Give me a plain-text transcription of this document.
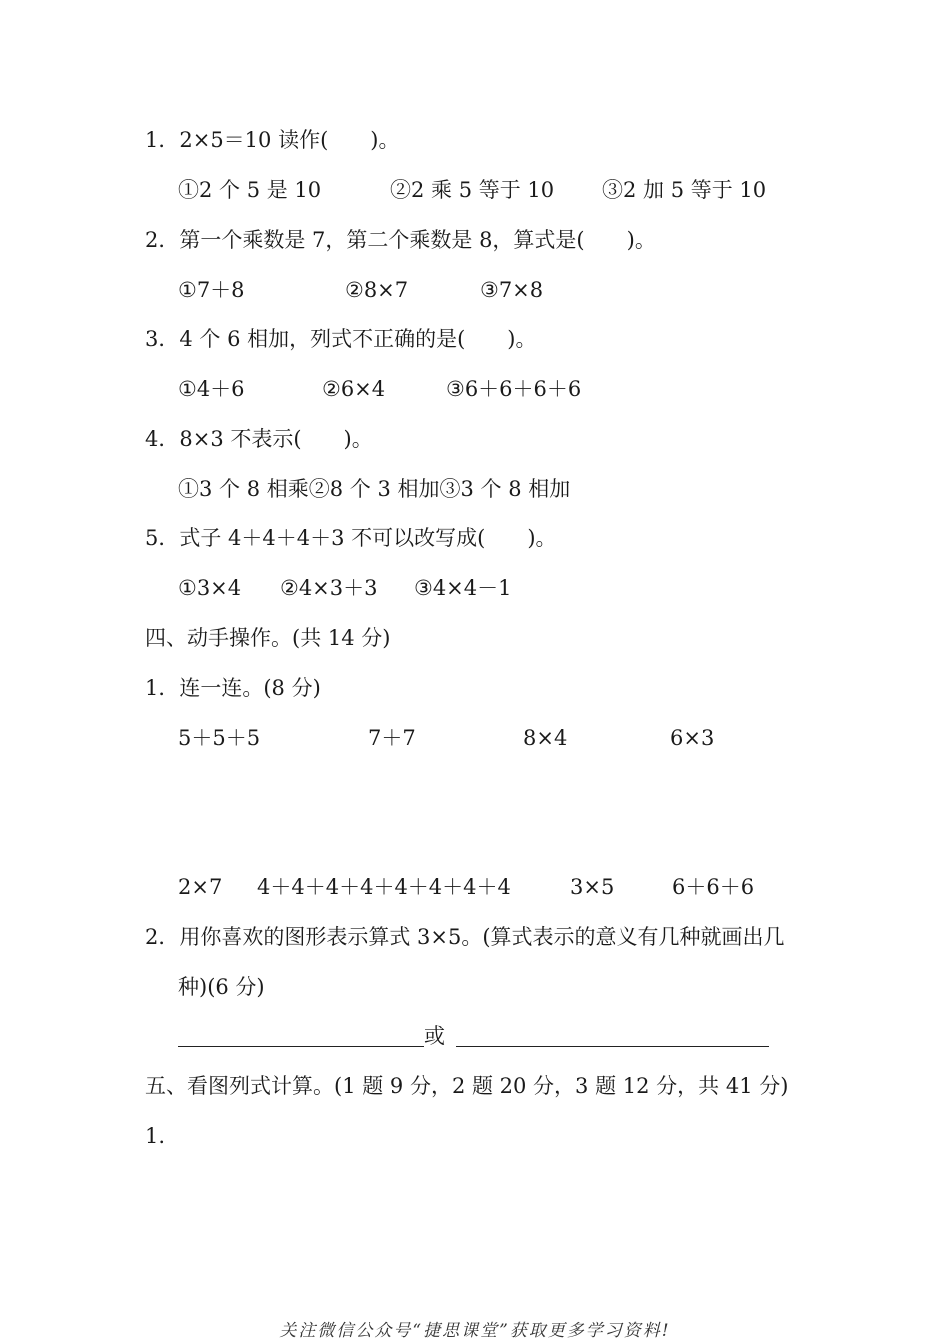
1．2×5＝10 读作(　　)。
①2 个 5 是 10	②2 乘 5 等于 10 ③2 加 5 等于 10
2．第一个乘数是 7，第二个乘数是 8，算式是(　　)。
①7＋8	②8×7	③7×8
3．4 个 6 相加，列式不正确的是(　　)。
①4＋6	②6×4	③6＋6＋6＋6
4．8×3 不表示(　　)。
①3 个 8 相乘②8 个 3 相加③3 个 8 相加
5．式子 4＋4＋4＋3 不可以改写成(　　)。
①3×4 ②4×3＋3 ③4×4－1
四、动手操作。(共 14 分)
1．连一连。(8 分)
5＋5＋5	7＋7	8×4	6×3
2×7 4＋4＋4＋4＋4＋4＋4＋4	3×5	6＋6＋6
2．用你喜欢的图形表示算式 3×5。(算式表示的意义有几种就画出几
种)(6 分)
或
五、看图列式计算。(1 题 9 分，2 题 20 分，3 题 12 分，共 41 分)
1.
关注微信公众号“捷思课堂”获取更多学习资料!
